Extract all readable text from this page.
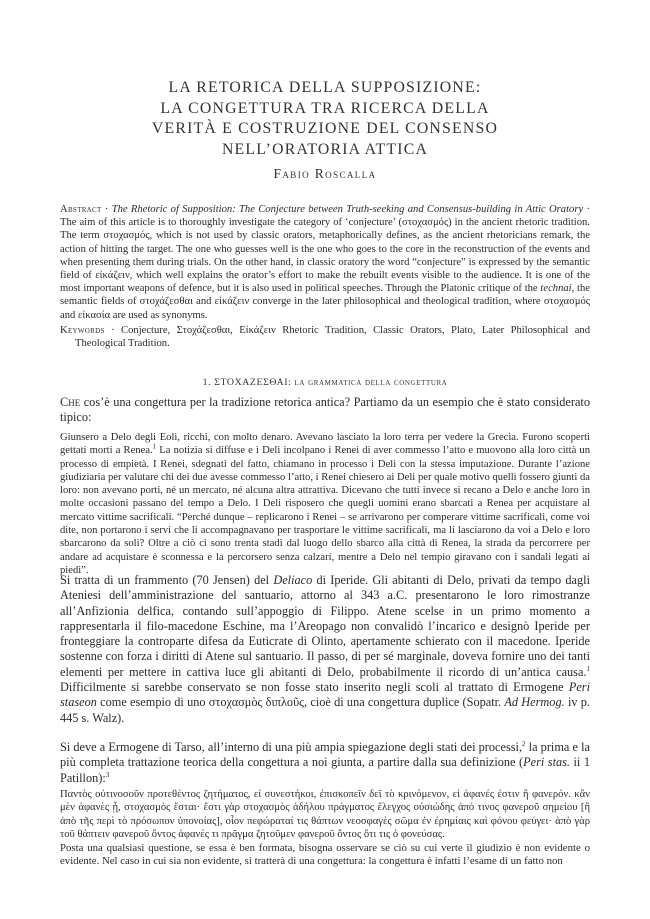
LA RETORICA DELLA SUPPOSIZIONE:
LA CONGETTURA TRA RICERCA DELLA
VERITÀ E COSTRUZIONE DEL CONSENSO
NELL’ORATORIA ATTICA
Fabio Roscalla
Abstract · The Rhetoric of Supposition: The Conjecture between Truth-seeking and Consensus-building in Attic Oratory · The aim of this article is to thoroughly investigate the category of ‘conjecture’ (στοχασμός) in the ancient rhetoric tradition. The term στοχασμός, which is not used by classic orators, metaphorically defines, as the ancient rhetoricians remark, the action of hitting the target. The one who guesses well is the one who goes to the core in the reconstruction of the events and when presenting them during trials. On the other hand, in classic oratory the word “conjecture” is expressed by the semantic field of εἰκάζειν, which well explains the orator’s effort to make the rebuilt events visible to the audience. It is one of the most important weapons of defence, but it is also used in political speeches. Through the Platonic critique of the technai, the semantic fields of στοχάζεσθαι and εἰκάζειν converge in the later philosophical and theological tradition, where στοχασμός and εἰκασία are used as synonyms.
Keywords · Conjecture, Στοχάζεσθαι, Εἰκάζειν Rhetoric Tradition, Classic Orators, Plato, Later Philosophical and Theological Tradition.
1. ΣΤΟΧΑΖΕΣΘΑΙ: la grammatica della congettura
Che cos’è una congettura per la tradizione retorica antica? Partiamo da un esempio che è stato considerato tipico:
Giunsero a Delo degli Eoli, ricchi, con molto denaro. Avevano lasciato la loro terra per vedere la Grecia. Furono scoperti gettati morti a Renea.$^1$ La notizia si diffuse e i Deli incolpano i Renei di aver commesso l’atto e muovono alla loro città un processo di empietà. I Renei, sdegnati del fatto, chiamano in processo i Deli con la stessa imputazione. Durante l’azione giudiziaria per valutare chi dei due avesse commesso l’atto, i Renei chiesero ai Deli per quale motivo quelli fossero giunti da loro: non avevano porti, né un mercato, né alcuna altra attrattiva. Dicevano che tutti invece si recano a Delo e anche loro in molte occasioni passano del tempo a Delo. I Deli risposero che quegli uomini erano sbarcati a Renea per acquistare al mercato vittime sacrificali. “Perché dunque – replicarono i Renei – se arrivarono per comperare vittime sacrificali, come voi dite, non portarono i servi che li accompagnavano per trasportare le vittime sacrificali, ma li lasciarono da voi a Delo e loro sbarcarono da soli? Oltre a ciò ci sono trenta stadi dal luogo dello sbarco alla città di Renea, la strada da percorrere per andare ad acquistare è sconnessa e la percorsero senza calzari, mentre a Delo nel tempio giravano con i sandali legati ai piedi”.
Si tratta di un frammento (70 Jensen) del Deliaco di Iperide. Gli abitanti di Delo, privati da tempo dagli Ateniesi dell’amministrazione del santuario, attorno al 343 a.C. presentarono le loro rimostranze all’Anfizionia delfica, contando sull’appoggio di Filippo. Atene scelse in un primo momento a rappresentarla il filo-macedone Eschine, ma l’Areopago non convalidò l’incarico e designò Iperide per fronteggiare la controparte difesa da Euticrate di Olinto, apertamente schierato con il macedone. Iperide sostenne con forza i diritti di Atene sul santuario. Il passo, di per sé marginale, doveva fornire uno dei tanti elementi per mettere in cattiva luce gli abitanti di Delo, probabilmente il ricordo di un’antica causa.$^1$ Difficilmente si sarebbe conservato se non fosse stato inserito negli scoli al trattato di Ermogene Peri staseon come esempio di uno στοχασμὸς διπλοῦς, cioè di una congettura duplice (Sopatr. Ad Hermog. iv p. 445 s. Walz).
Si deve a Ermogene di Tarso, all’interno di una più ampia spiegazione degli stati dei processi,$^2$ la prima e la più completa trattazione teorica della congettura a noi giunta, a partire dalla sua definizione (Peri stas. ii 1 Patillon):$^3$
Παντὸς οὐτινοσοῦν προτεθέντος ζητήματος, εἰ συνεστήκοι, ἐπισκοπεῖν δεῖ τὸ κρινόμενον, εἰ ἀφανές ἐστιν ἢ φανερόν. κἂν μὲν ἀφανὲς ᾖ, στοχασμὸς ἔσται· ἔστι γὰρ στοχασμὸς ἀδήλου πράγματος ἔλεγχος οὐσιώδης ἀπό τινος φανεροῦ σημείου [ἢ ἀπὸ τῆς περὶ τὸ πρόσωπον ὑπονοίας], οἷον πεφώραταί τις θάπτων νεοσφαγὲς σῶμα ἐν ἐρημίαις καὶ φόνου φεύγει· ἀπὸ γὰρ τοῦ θάπτειν φανεροῦ ὄντος ἀφανές τι πρᾶγμα ζητοῦμεν φανεροῦ ὄντος ὅτι τις ὁ φονεύσας.
Posta una qualsiasi questione, se essa è ben formata, bisogna osservare se ciò su cui verte il giudizio è non evidente o evidente. Nel caso in cui sia non evidente, si tratterà di una congettura: la congettura è infatti l’esame di un fatto non
